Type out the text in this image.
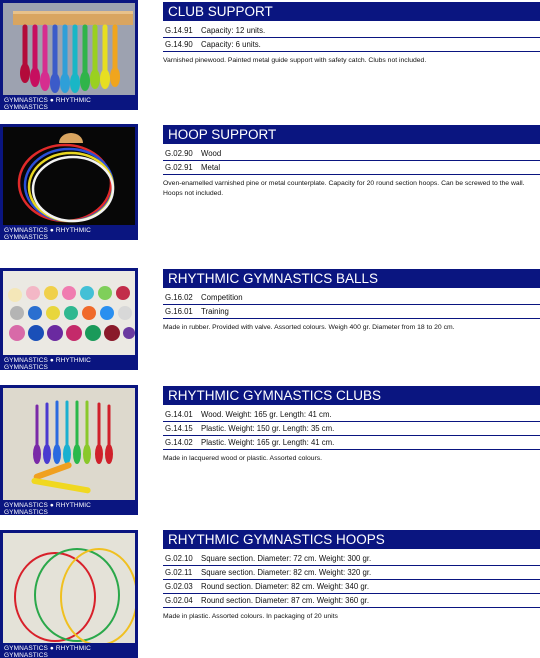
GYMNASTICS ● RHYTHMIC GYMNASTICS
CLUB SUPPORT
G.14.91 Capacity: 12 units.
G.14.90 Capacity: 6 units.
Varnished pinewood. Painted metal guide support with safety catch. Clubs not included.
GYMNASTICS ● RHYTHMIC GYMNASTICS
HOOP SUPPORT
G.02.90 Wood
G.02.91 Metal
Oven-enamelled varnished pine or metal counterplate. Capacity for 20 round section hoops. Can be screwed to the wall. Hoops not included.
GYMNASTICS ● RHYTHMIC GYMNASTICS
RHYTHMIC GYMNASTICS BALLS
G.16.02 Competition
G.16.01 Training
Made in rubber. Provided with valve. Assorted colours. Weigh 400 gr. Diameter from 18 to 20 cm.
GYMNASTICS ● RHYTHMIC GYMNASTICS
RHYTHMIC GYMNASTICS CLUBS
G.14.01 Wood. Weight: 165 gr. Length: 41 cm.
G.14.15 Plastic. Weight: 150 gr. Length: 35 cm.
G.14.02 Plastic. Weight: 165 gr. Length: 41 cm.
Made in lacquered wood or plastic. Assorted colours.
GYMNASTICS ● RHYTHMIC GYMNASTICS
RHYTHMIC GYMNASTICS HOOPS
G.02.10 Square section. Diameter: 72 cm. Weight: 300 gr.
G.02.11 Square section. Diameter: 82 cm. Weight: 320 gr.
G.02.03 Round section. Diameter: 82 cm. Weight: 340 gr.
G.02.04 Round section. Diameter: 87 cm. Weight: 360 gr.
Made in plastic. Assorted colours. In packaging of 20 units
